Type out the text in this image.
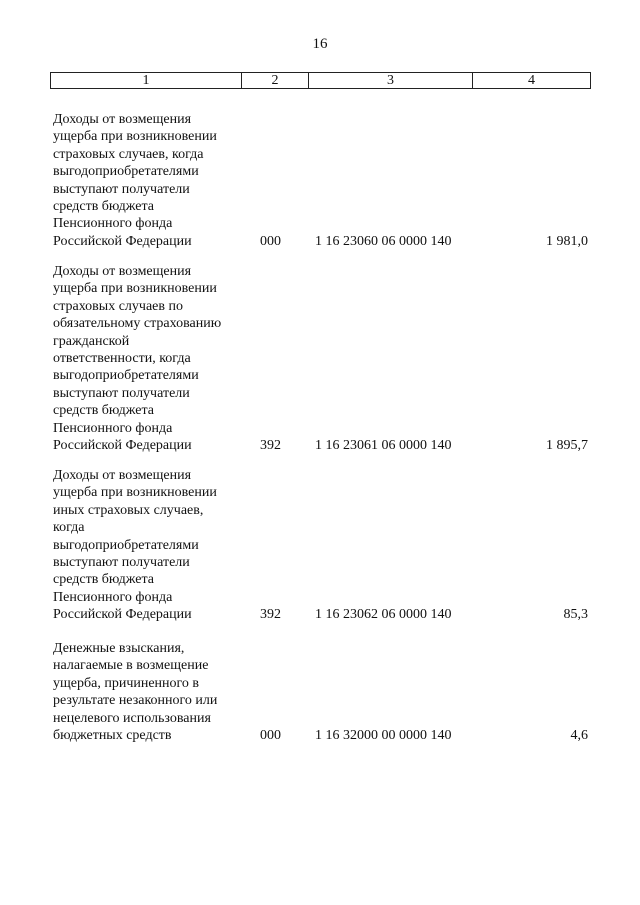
16
1	2	3	4
Доходы от возмещения
ущерба при возникновении
страховых случаев, когда
выгодоприобретателями
выступают получатели
средств бюджета
Пенсионного фонда
Российской Федерации	000 1 16 23060 06 0000 140	1 981,0
Доходы от возмещения
ущерба при возникновении
страховых случаев по
обязательному страхованию
гражданской
ответственности, когда
выгодоприобретателями
выступают получатели
средств бюджета
Пенсионного фонда
Российской Федерации	392 1 16 23061 06 0000 140	1 895,7
Доходы от возмещения
ущерба при возникновении
иных страховых случаев,
когда
выгодоприобретателями
выступают получатели
средств бюджета
Пенсионного фонда
Российской Федерации	392 1 16 23062 06 0000 140	85,3
Денежные взыскания,
налагаемые в возмещение
ущерба, причиненного в
результате незаконного или
нецелевого использования
бюджетных средств	000 1 16 32000 00 0000 140	4,6
